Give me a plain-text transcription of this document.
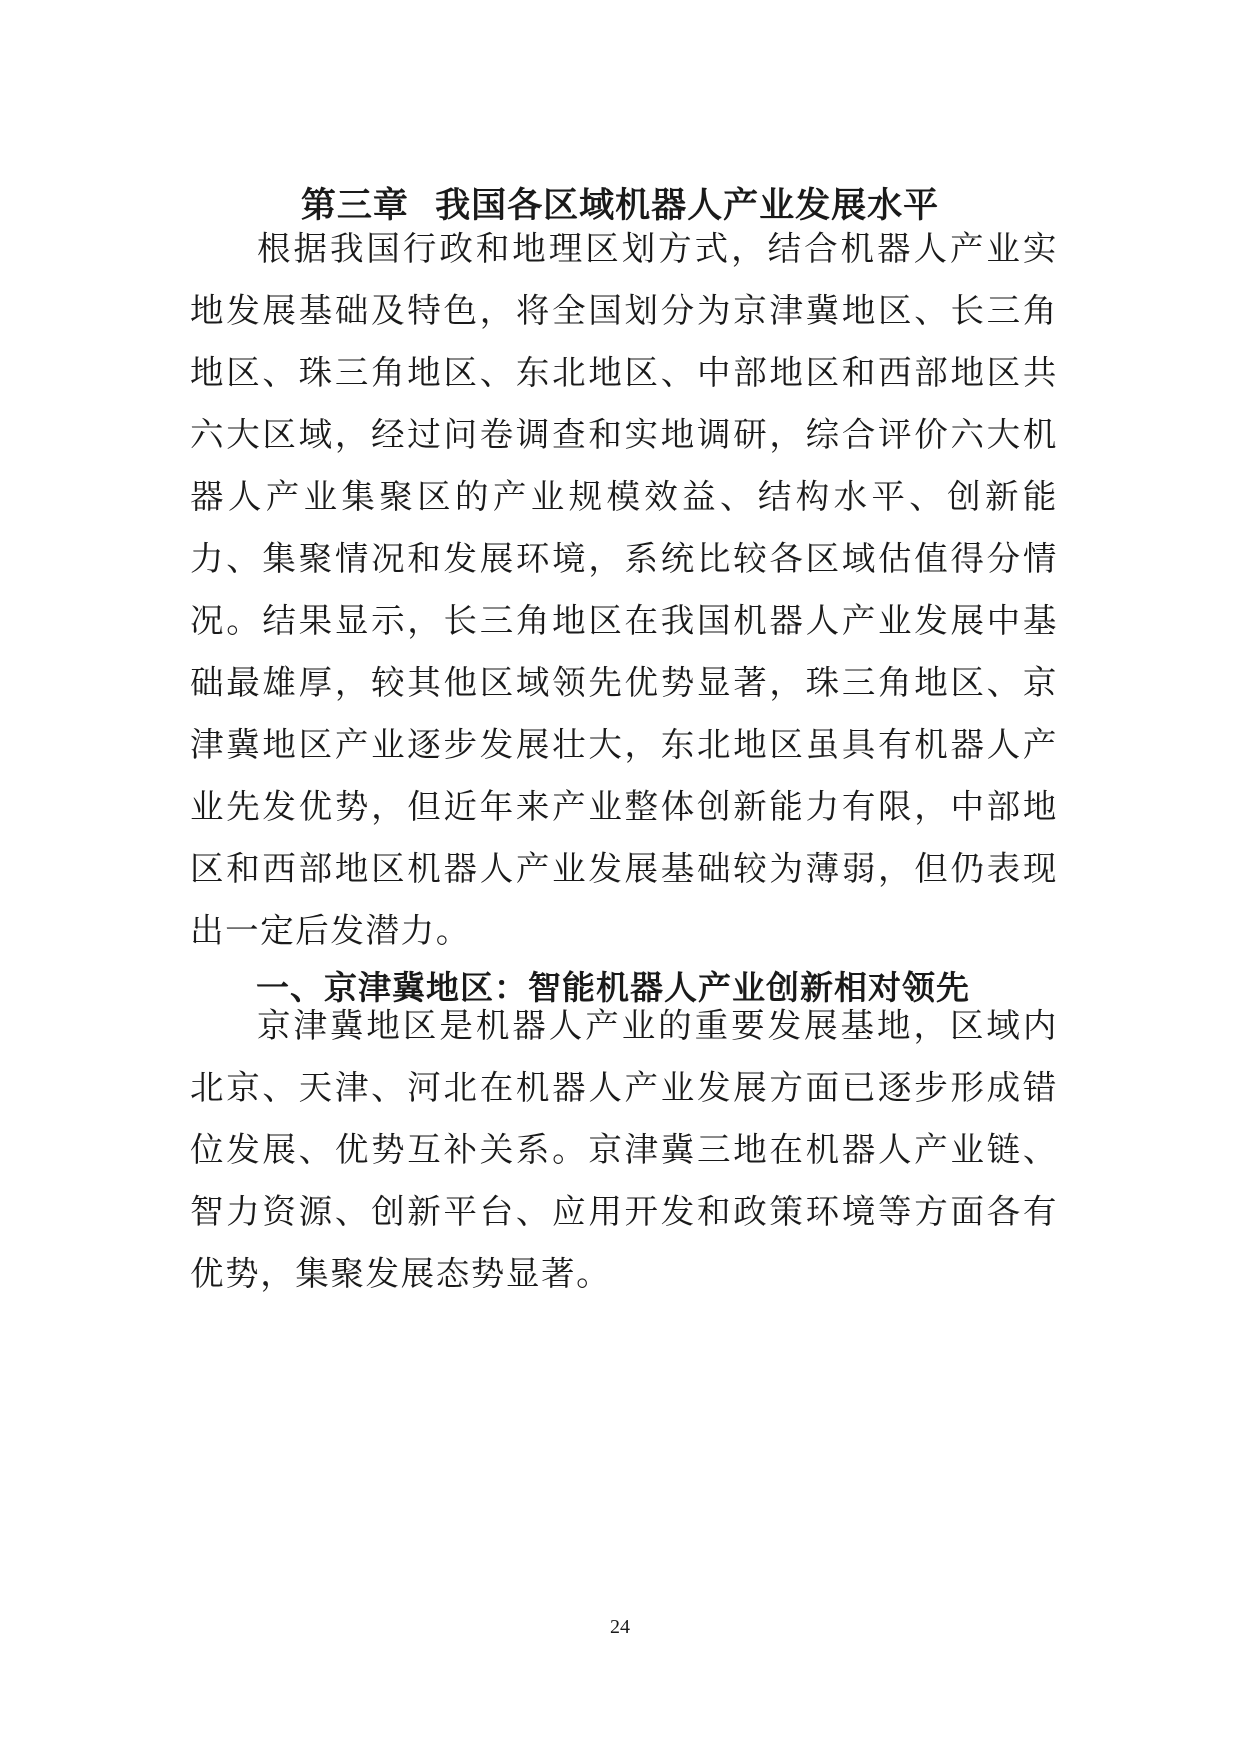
第三章  我国各区域机器人产业发展水平

根据我国行政和地理区划方式，结合机器人产业实地发展基础及特色，将全国划分为京津冀地区、长三角地区、珠三角地区、东北地区、中部地区和西部地区共六大区域，经过问卷调查和实地调研，综合评价六大机器人产业集聚区的产业规模效益、结构水平、创新能力、集聚情况和发展环境，系统比较各区域估值得分情况。结果显示，长三角地区在我国机器人产业发展中基础最雄厚，较其他区域领先优势显著，珠三角地区、京津冀地区产业逐步发展壮大，东北地区虽具有机器人产业先发优势，但近年来产业整体创新能力有限，中部地区和西部地区机器人产业发展基础较为薄弱，但仍表现出一定后发潜力。

一、京津冀地区：智能机器人产业创新相对领先

京津冀地区是机器人产业的重要发展基地，区域内北京、天津、河北在机器人产业发展方面已逐步形成错位发展、优势互补关系。京津冀三地在机器人产业链、智力资源、创新平台、应用开发和政策环境等方面各有优势，集聚发展态势显著。

24
